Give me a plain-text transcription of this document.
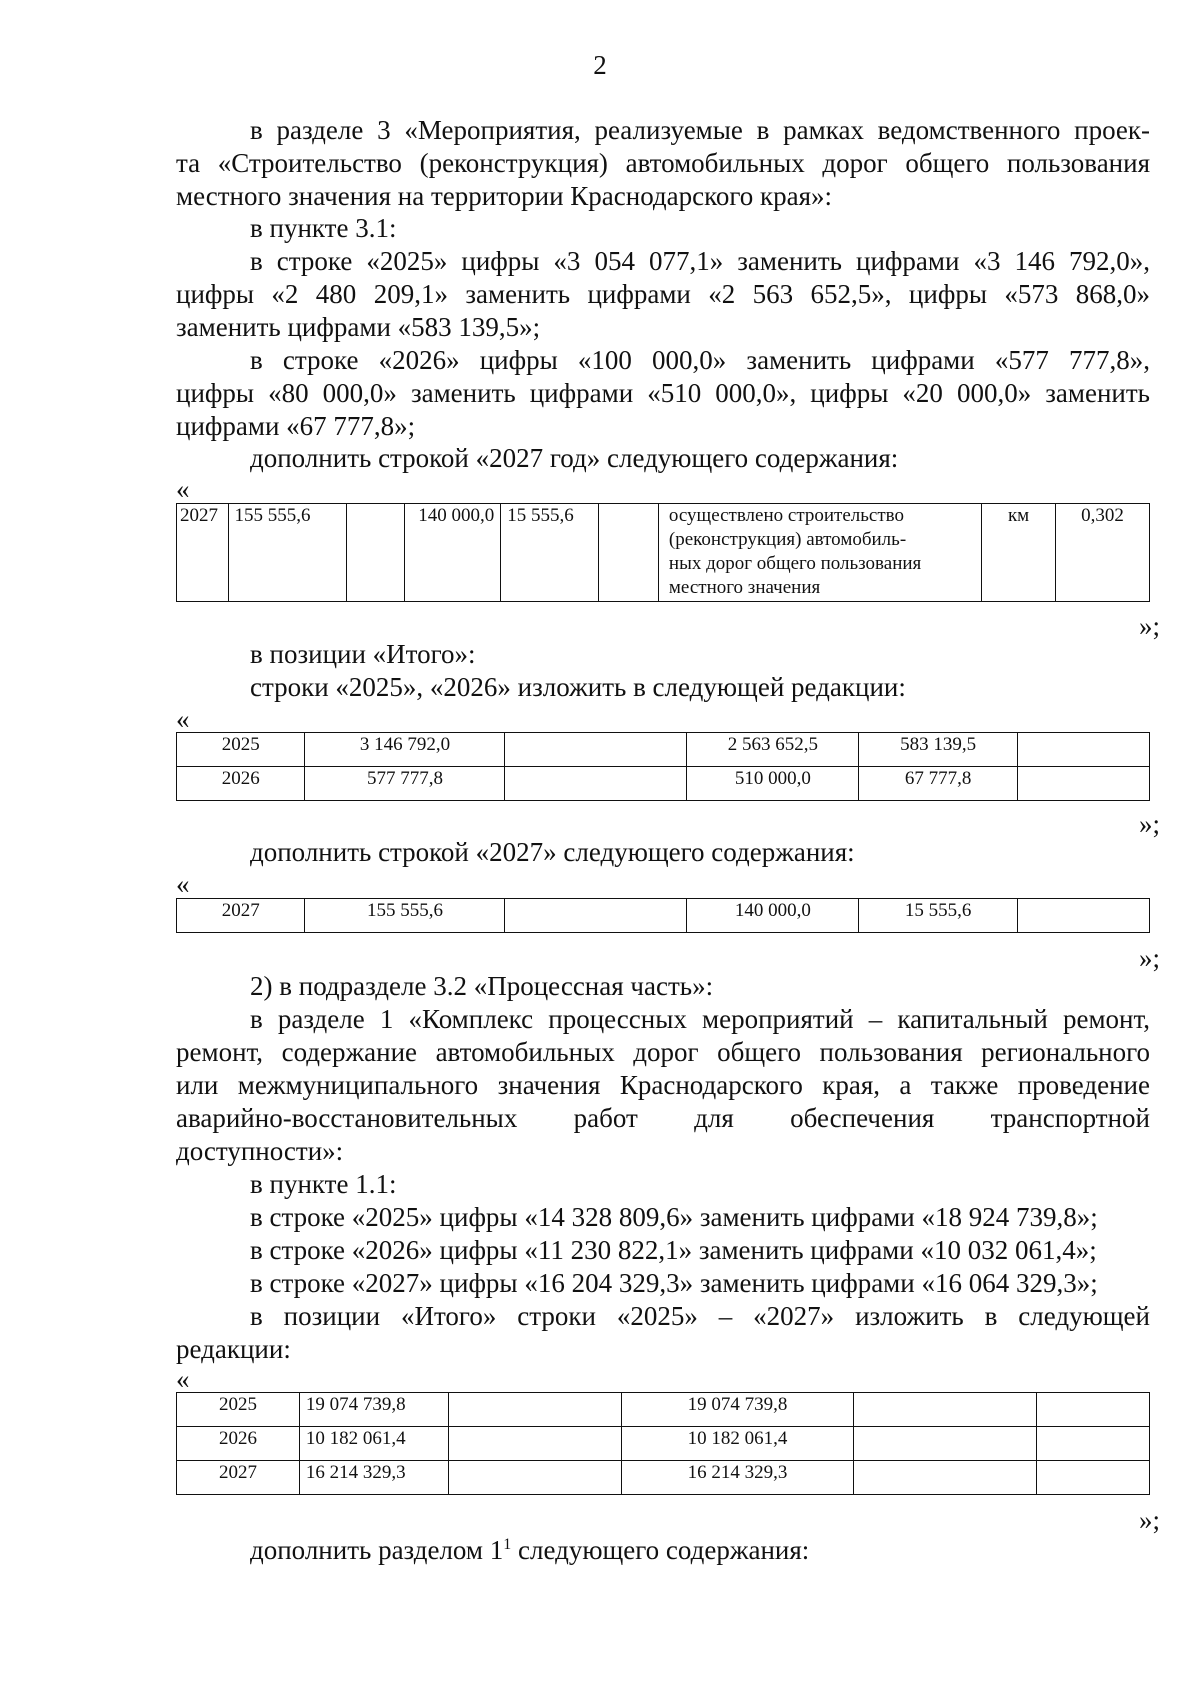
2
в разделе 3 «Мероприятия, реализуемые в рамках ведомственного проек-
та «Строительство (реконструкция) автомобильных дорог общего пользования
местного значения на территории Краснодарского края»:
в пункте 3.1:
в строке «2025» цифры «3 054 077,1» заменить цифрами «3 146 792,0»,
цифры «2 480 209,1» заменить цифрами «2 563 652,5», цифры «573 868,0»
заменить цифрами «583 139,5»;
в строке «2026» цифры «100 000,0» заменить цифрами «577 777,8»,
цифры «80 000,0» заменить цифрами «510 000,0», цифры «20 000,0» заменить
цифрами «67 777,8»;
дополнить строкой «2027 год» следующего содержания:
«
2027	155 555,6		140 000,0	15 555,6		осуществлено строительство
(реконструкция) автомобиль-
ных дорог общего пользования
местного значения
	км	0,302
»;
в позиции «Итого»:
строки «2025», «2026» изложить в следующей редакции:
«
2025	3 146 792,0		2 563 652,5	583 139,5	
2026	577 777,8		510 000,0	67 777,8	
»;
дополнить строкой «2027» следующего содержания:
«
2027	155 555,6		140 000,0	15 555,6	
»;
2) в подразделе 3.2 «Процессная часть»:
в разделе 1 «Комплекс процессных мероприятий – капитальный ремонт,
ремонт, содержание автомобильных дорог общего пользования регионального
или межмуниципального значения Краснодарского края, а также проведение
аварийно-восстановительных работ для обеспечения транспортной
доступности»:
в пункте 1.1:
в строке «2025» цифры «14 328 809,6» заменить цифрами «18 924 739,8»;
в строке «2026» цифры «11 230 822,1» заменить цифрами «10 032 061,4»;
в строке «2027» цифры «16 204 329,3» заменить цифрами «16 064 329,3»;
в позиции «Итого» строки «2025» – «2027» изложить в следующей
редакции:
«
2025	19 074 739,8		19 074 739,8		
2026	10 182 061,4		10 182 061,4		
2027	16 214 329,3		16 214 329,3		
»;
дополнить разделом $1^1$ следующего содержания:
